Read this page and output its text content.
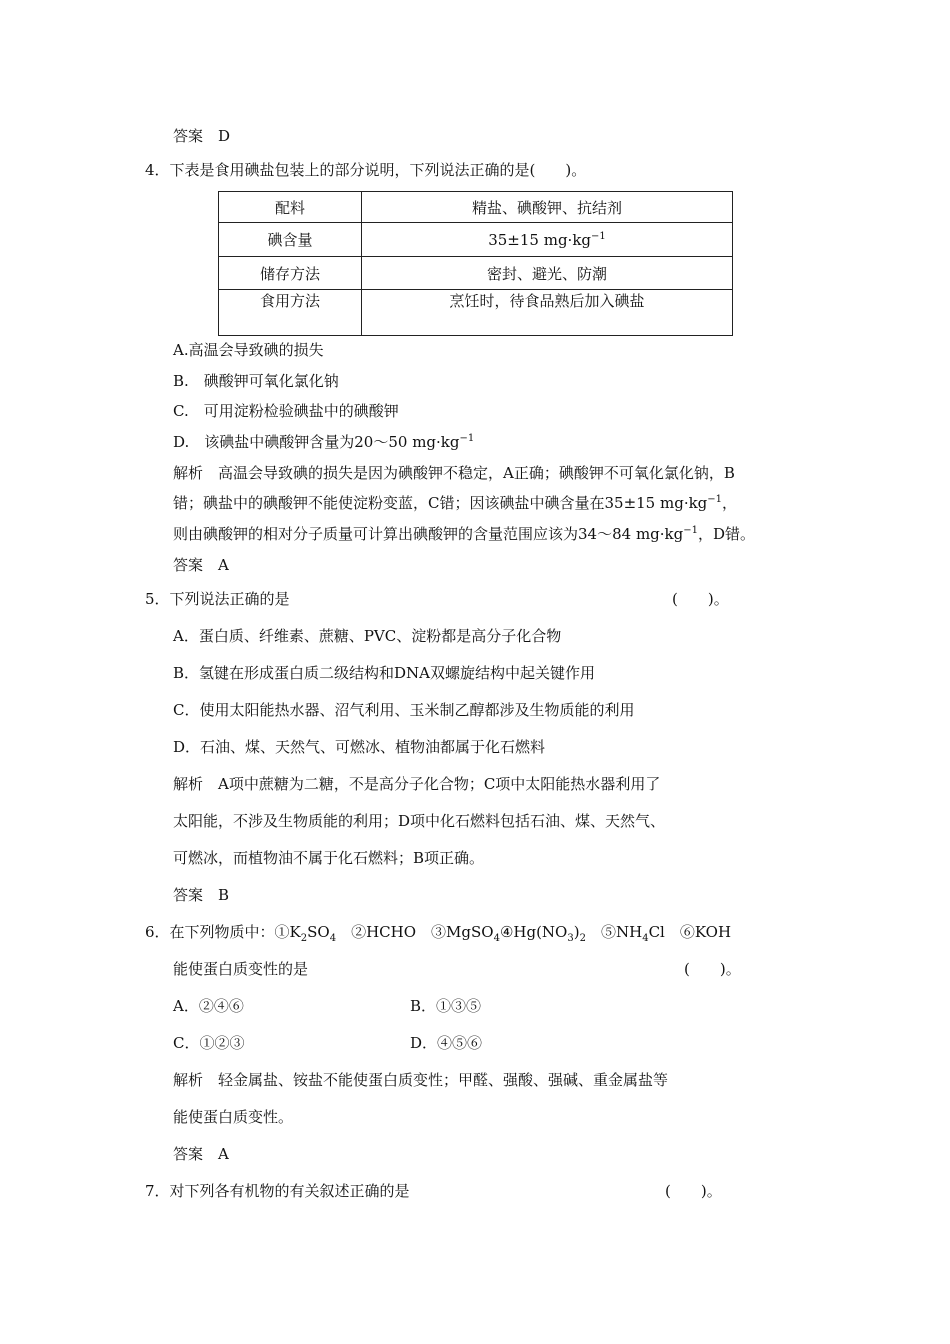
答案　D
4．下表是食用碘盐包装上的部分说明，下列说法正确的是(　　)。
配料	精盐、碘酸钾、抗结剂
碘含量	35±15 $mg\cdot kg^{-1}$
储存方法	密封、避光、防潮
食用方法	烹饪时，待食品熟后加入碘盐
A.高温会导致碘的损失
B.　碘酸钾可氧化氯化钠
C.　可用淀粉检验碘盐中的碘酸钾
D.　该碘盐中碘酸钾含量为20～50 $mg\cdot kg^{-1}$
解析　高温会导致碘的损失是因为碘酸钾不稳定，A正确；碘酸钾不可氧化氯化钠，B
错；碘盐中的碘酸钾不能使淀粉变蓝，C错；因该碘盐中碘含量在35±15 $mg\cdot kg^{-1}$，
则由碘酸钾的相对分子质量可计算出碘酸钾的含量范围应该为34～84 $mg\cdot kg^{-1}$，D错。
答案　A
5．下列说法正确的是	(　　)。
A．蛋白质、纤维素、蔗糖、PVC、淀粉都是高分子化合物
B．氢键在形成蛋白质二级结构和DNA双螺旋结构中起关键作用
C．使用太阳能热水器、沼气利用、玉米制乙醇都涉及生物质能的利用
D．石油、煤、天然气、可燃冰、植物油都属于化石燃料
解析　A项中蔗糖为二糖，不是高分子化合物；C项中太阳能热水器利用了
太阳能，不涉及生物质能的利用；D项中化石燃料包括石油、煤、天然气、
可燃冰，而植物油不属于化石燃料；B项正确。
答案　B
6．在下列物质中：$①K_2SO_4$　②HCHO　$③MgSO_4④Hg(NO_3)_2$　$⑤NH_4Cl$　⑥KOH
能使蛋白质变性的是	(　　)。
A．②④⑥	B．①③⑤
C．①②③	D．④⑤⑥
解析　轻金属盐、铵盐不能使蛋白质变性；甲醛、强酸、强碱、重金属盐等
能使蛋白质变性。
答案　A
7．对下列各有机物的有关叙述正确的是	(　　)。
